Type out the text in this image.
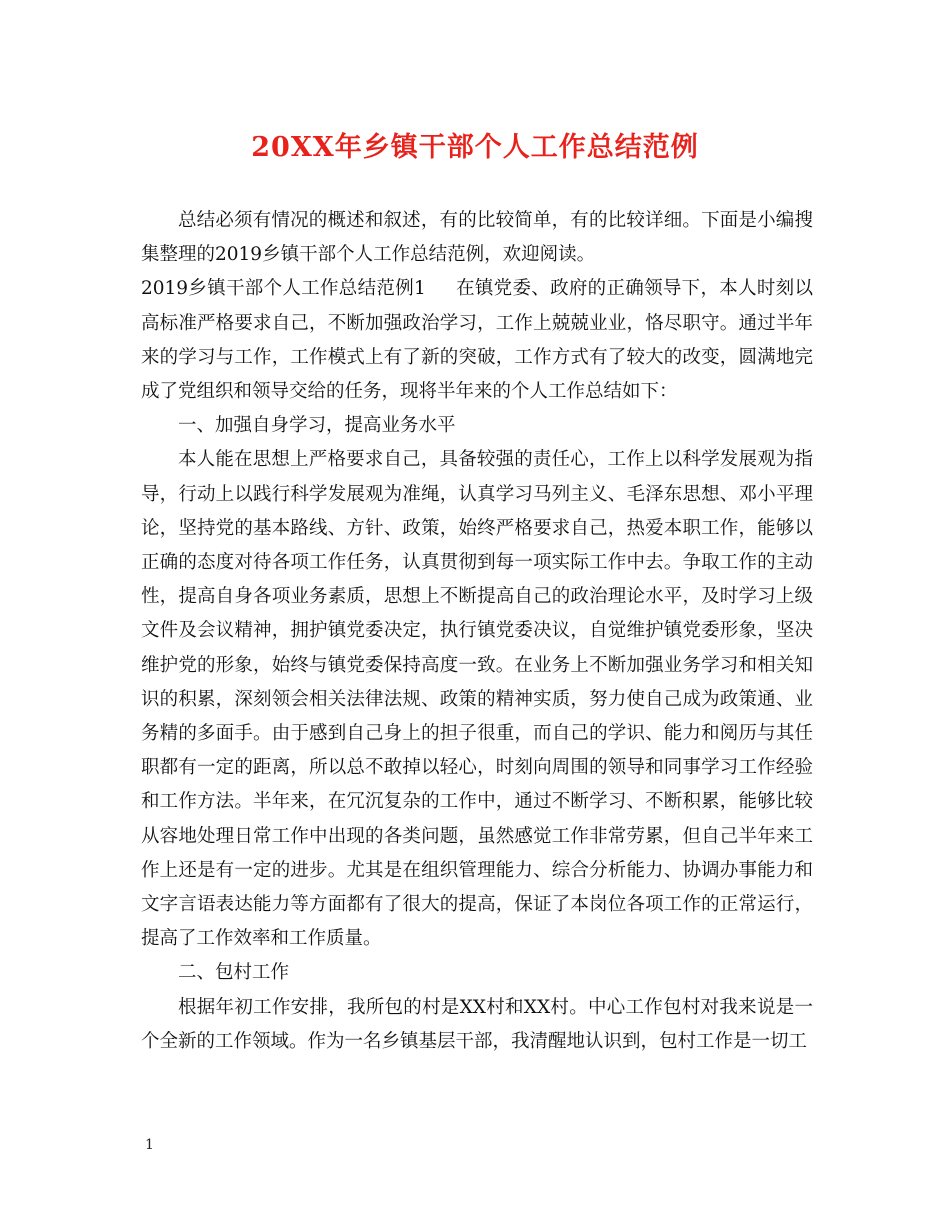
20XX年乡镇干部个人工作总结范例

总结必须有情况的概述和叙述，有的比较简单，有的比较详细。下面是小编搜集整理的2019乡镇干部个人工作总结范例，欢迎阅读。

2019乡镇干部个人工作总结范例1 在镇党委、政府的正确领导下，本人时刻以高标准严格要求自己，不断加强政治学习，工作上兢兢业业，恪尽职守。通过半年来的学习与工作，工作模式上有了新的突破，工作方式有了较大的改变，圆满地完成了党组织和领导交给的任务，现将半年来的个人工作总结如下：

一、加强自身学习，提高业务水平

本人能在思想上严格要求自己，具备较强的责任心，工作上以科学发展观为指导，行动上以践行科学发展观为准绳，认真学习马列主义、毛泽东思想、邓小平理论，坚持党的基本路线、方针、政策，始终严格要求自己，热爱本职工作，能够以正确的态度对待各项工作任务，认真贯彻到每一项实际工作中去。争取工作的主动性，提高自身各项业务素质，思想上不断提高自己的政治理论水平，及时学习上级文件及会议精神，拥护镇党委决定，执行镇党委决议，自觉维护镇党委形象，坚决维护党的形象，始终与镇党委保持高度一致。在业务上不断加强业务学习和相关知识的积累，深刻领会相关法律法规、政策的精神实质，努力使自己成为政策通、业务精的多面手。由于感到自己身上的担子很重，而自己的学识、能力和阅历与其任职都有一定的距离，所以总不敢掉以轻心，时刻向周围的领导和同事学习工作经验和工作方法。半年来，在冗沉复杂的工作中，通过不断学习、不断积累，能够比较从容地处理日常工作中出现的各类问题，虽然感觉工作非常劳累，但自己半年来工作上还是有一定的进步。尤其是在组织管理能力、综合分析能力、协调办事能力和文字言语表达能力等方面都有了很大的提高，保证了本岗位各项工作的正常运行，提高了工作效率和工作质量。

二、包村工作

根据年初工作安排，我所包的村是XX村和XX村。中心工作包村对我来说是一个全新的工作领域。作为一名乡镇基层干部，我清醒地认识到，包村工作是一切工

1
